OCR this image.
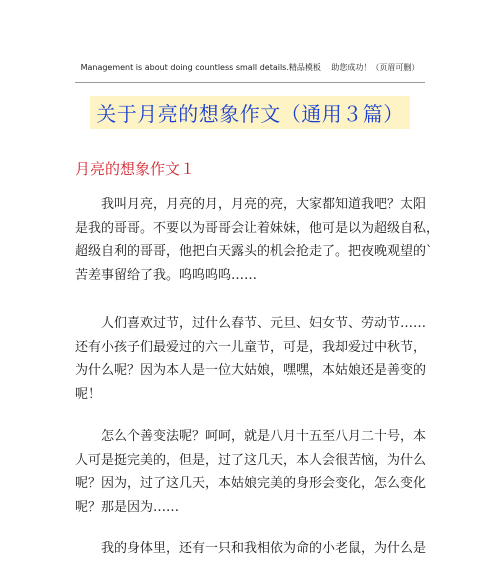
Management is about doing countless small details.精品模板　 助您成功！（页眉可删）
关于月亮的想象作文（通用３篇）
月亮的想象作文１
我叫月亮，月亮的月，月亮的亮，大家都知道我吧？太阳
是我的哥哥。不要以为哥哥会让着妹妹，他可是以为超级自私，
超级自利的哥哥，他把白天露头的机会抢走了。把夜晚观望的`
苦差事留给了我。呜呜呜呜……
人们喜欢过节，过什么春节、元旦、妇女节、劳动节……
还有小孩子们最爱过的六一儿童节，可是，我却爱过中秋节，
为什么呢？因为本人是一位大姑娘，嘿嘿，本姑娘还是善变的
呢！
怎么个善变法呢？呵呵，就是八月十五至八月二十号，本
人可是挺完美的，但是，过了这几天，本人会很苦恼，为什么
呢？因为，过了这几天，本姑娘完美的身形会变化，怎么变化
呢？那是因为……
我的身体里，还有一只和我相依为命的小老鼠，为什么是
